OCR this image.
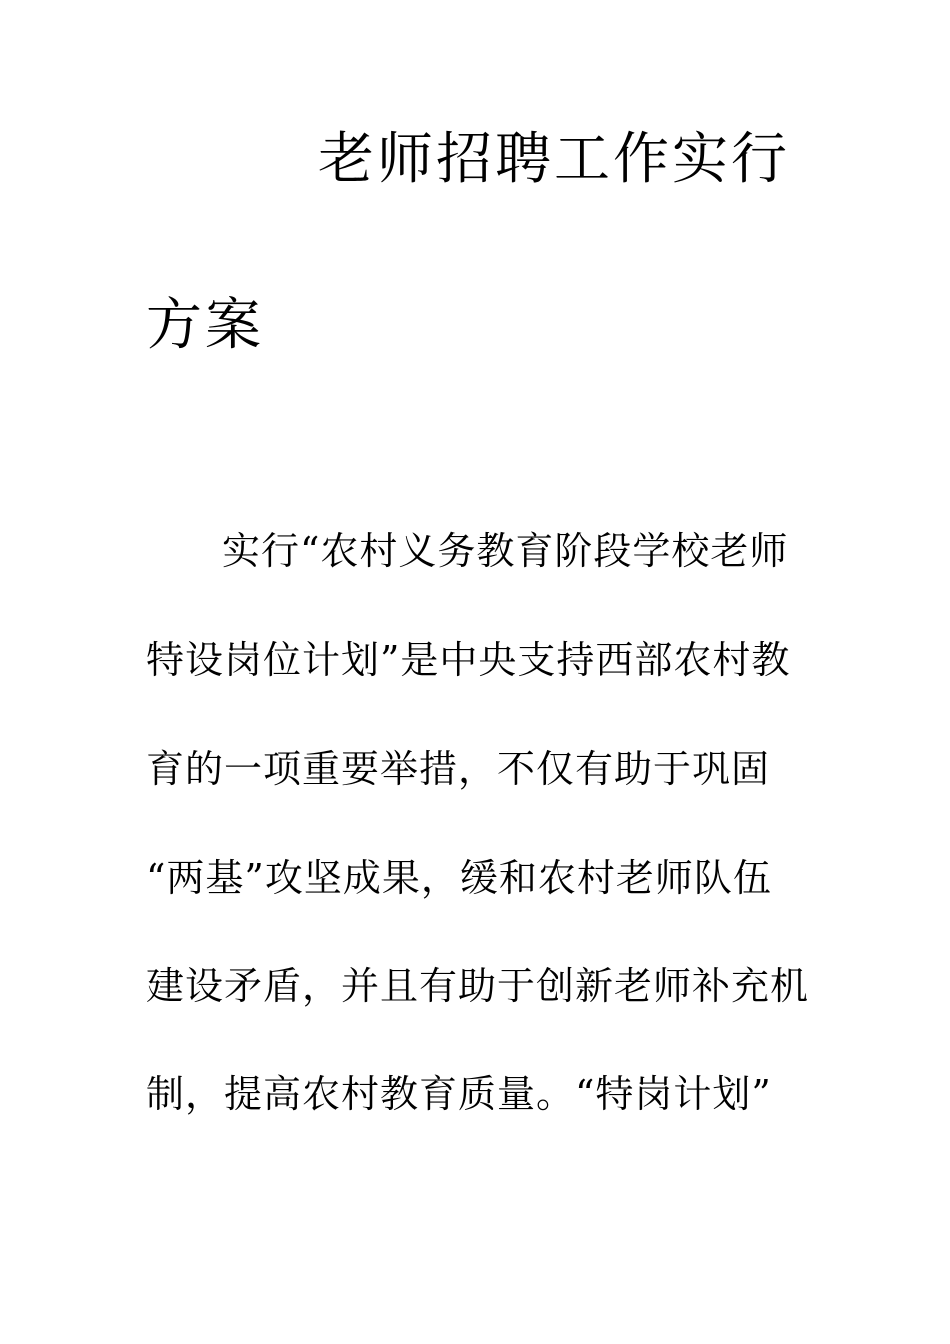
老师招聘工作实行
方案
实行“农村义务教育阶段学校老师
特设岗位计划”是中央支持西部农村教
育的一项重要举措，不仅有助于巩固
“两基”攻坚成果，缓和农村老师队伍
建设矛盾，并且有助于创新老师补充机
制，提高农村教育质量。“特岗计划”
